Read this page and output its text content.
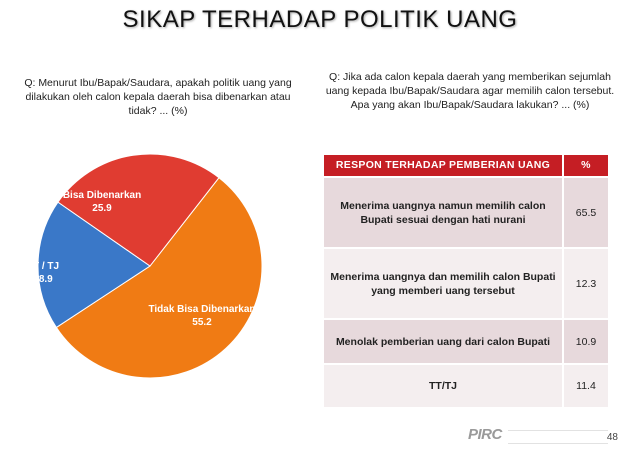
SIKAP TERHADAP POLITIK UANG
Q: Menurut Ibu/Bapak/Saudara, apakah politik uang yang dilakukan oleh calon kepala daerah bisa dibenarkan atau tidak? ... (%)
Q: Jika ada calon kepala daerah yang memberikan sejumlah uang kepada Ibu/Bapak/Saudara agar memilih calon tersebut. Apa yang akan Ibu/Bapak/Saudara lakukan? ... (%)
Tidak Bisa Dibenarkan
55.2
TT / TJ
18.9
Bisa Dibenarkan
25.9
RESPON TERHADAP PEMBERIAN UANG	%
Menerima uangnya namun memilih calon Bupati sesuai dengan hati nurani	65.5
Menerima uangnya dan memilih calon Bupati yang memberi uang tersebut	12.3
Menolak pemberian uang dari calon Bupati	10.9
TT/TJ	11.4
PIRC	48
